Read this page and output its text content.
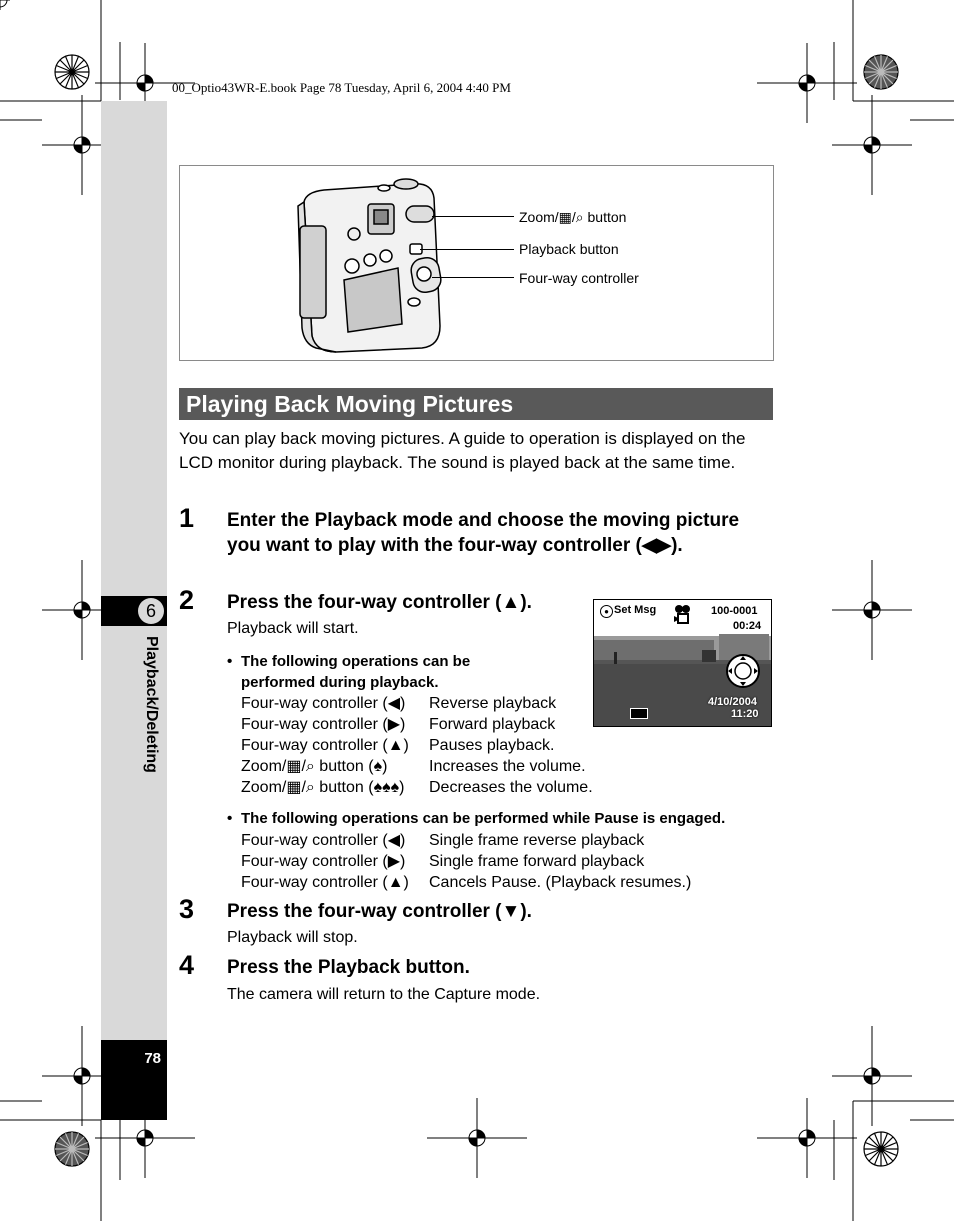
00_Optio43WR-E.book Page 78 Tuesday, April 6, 2004 4:40 PM
6
Playback/Deleting
78
Zoom/▦/⌕ button
Playback button
Four-way controller
Playing Back Moving Pictures
You can play back moving pictures. A guide to operation is displayed on the LCD monitor during playback. The sound is played back at the same time.
1 Enter the Playback mode and choose the moving picture you want to play with the four-way controller (◀▶).
2 Press the four-way controller (▲).
Playback will start.
• The following operations can be
performed during playback.
Four-way controller (◀) Reverse playback
Four-way controller (▶) Forward playback
Four-way controller (▲) Pauses playback.
Zoom/▦/⌕ button (♠)	Increases the volume.
Zoom/▦/⌕ button (♠♠♠) Decreases the volume.
• The following operations can be performed while Pause is engaged.
Four-way controller (◀) Single frame reverse playback
Four-way controller (▶) Single frame forward playback
Four-way controller (▲) Cancels Pause. (Playback resumes.)
3 Press the four-way controller (▼).
Playback will stop.
4 Press the Playback button.
The camera will return to the Capture mode.
● Set Msg	100-0001
00:24
4/10/2004
11:20
